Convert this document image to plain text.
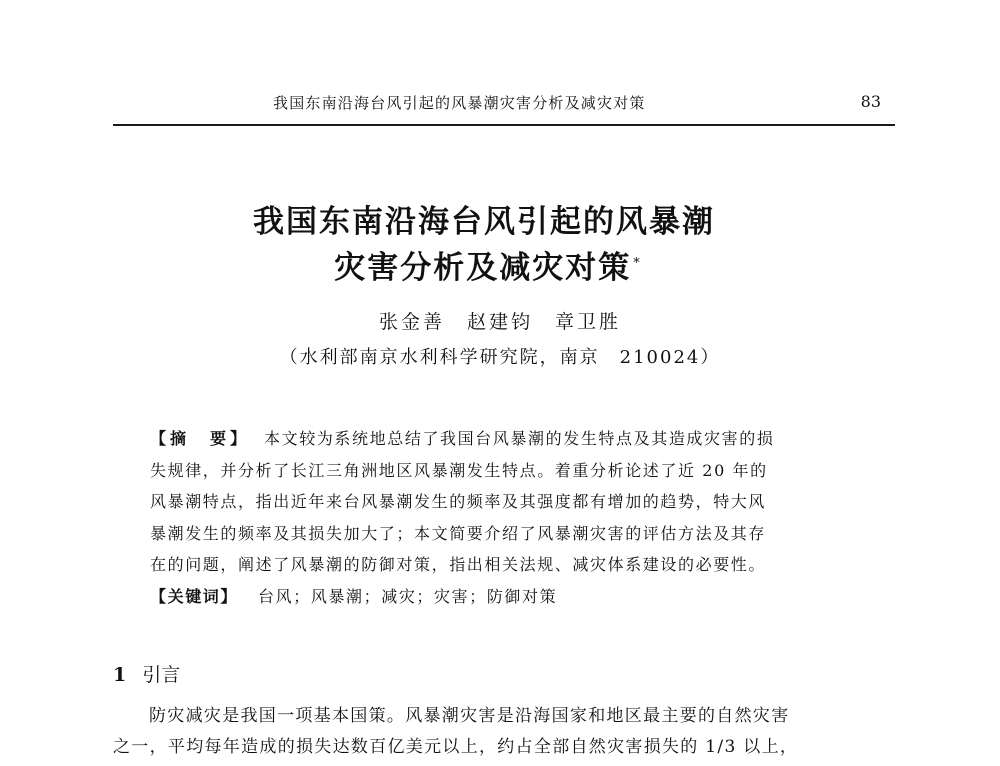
我国东南沿海台风引起的风暴潮灾害分析及减灾对策	83
我国东南沿海台风引起的风暴潮
灾害分析及减灾对策 *
张金善　赵建钧　章卫胜
（水利部南京水利科学研究院，南京　210024）
【摘　要】 本文较为系统地总结了我国台风暴潮的发生特点及其造成灾害的损
失规律，并分析了长江三角洲地区风暴潮发生特点。着重分析论述了近 20 年的
风暴潮特点，指出近年来台风暴潮发生的频率及其强度都有增加的趋势，特大风
暴潮发生的频率及其损失加大了；本文简要介绍了风暴潮灾害的评估方法及其存
在的问题，阐述了风暴潮的防御对策，指出相关法规、减灾体系建设的必要性。
【关键词】 台风；风暴潮；减灾；灾害；防御对策
1 引言
防灾减灾是我国一项基本国策。风暴潮灾害是沿海国家和地区最主要的自然灾害
之一，平均每年造成的损失达数百亿美元以上，约占全部自然灾害损失的 1/3 以上，
